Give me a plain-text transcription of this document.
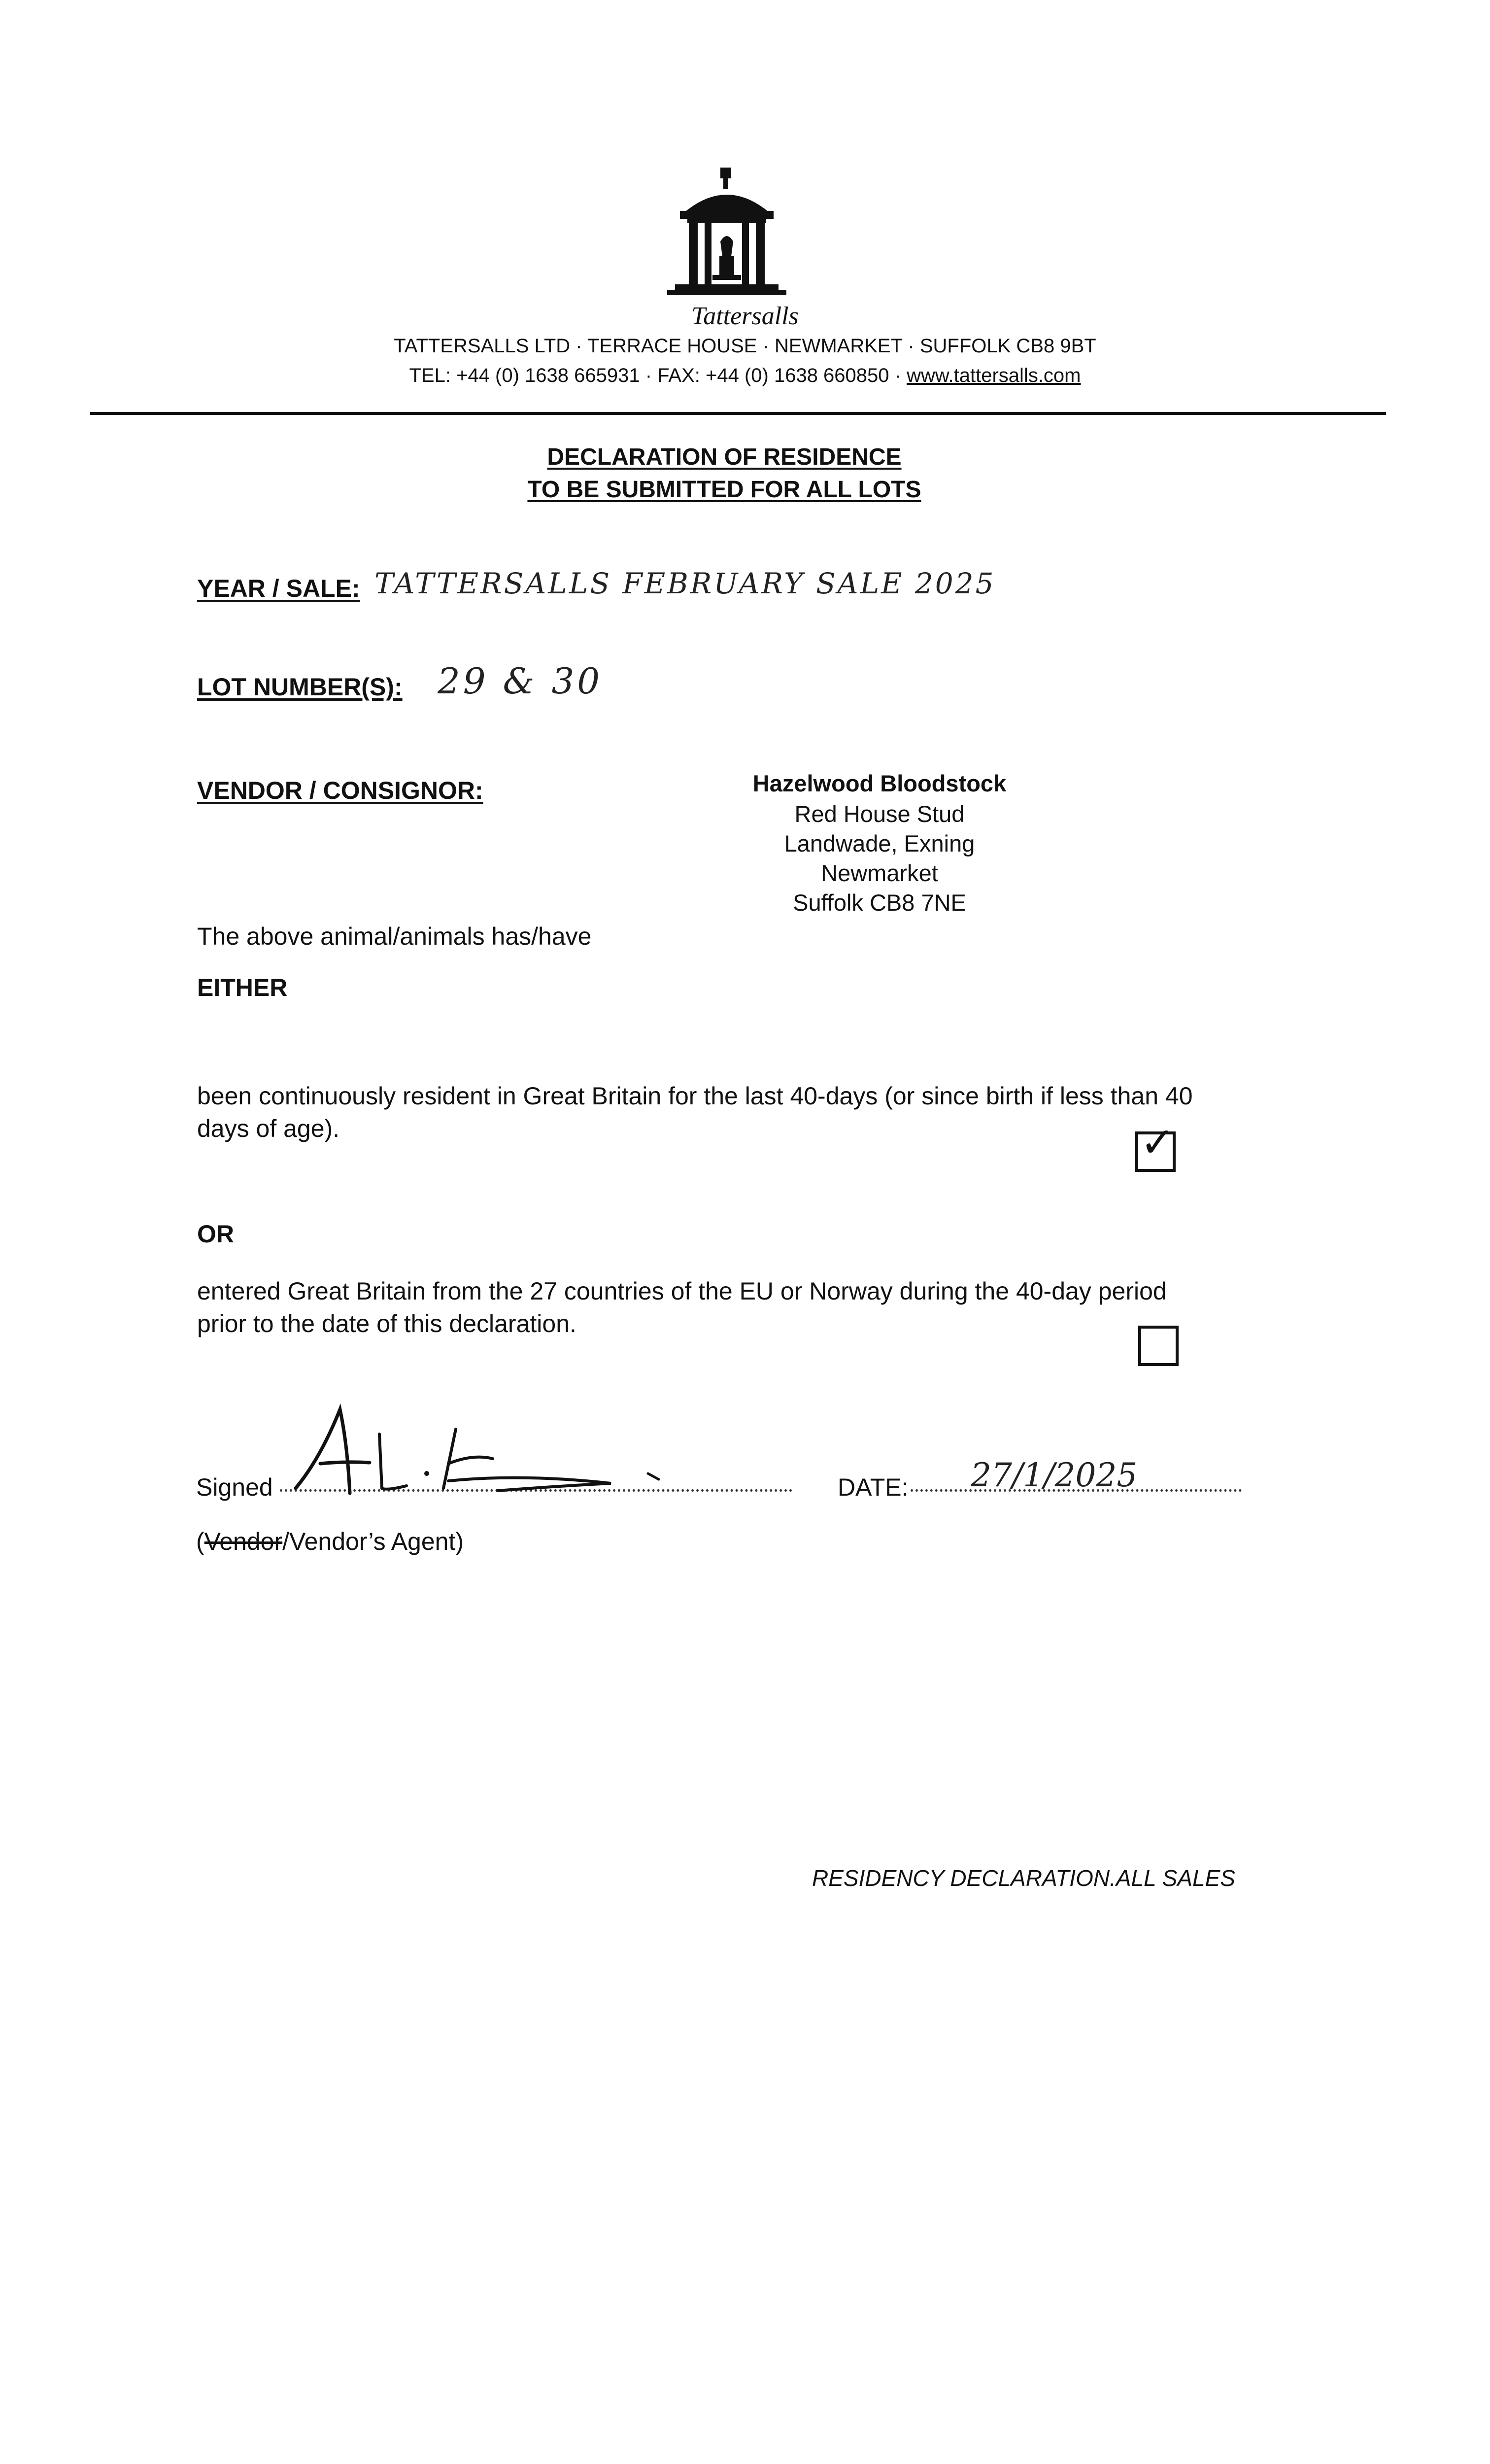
Tattersalls
TATTERSALLS LTD · TERRACE HOUSE · NEWMARKET · SUFFOLK CB8 9BT
TEL: +44 (0) 1638 665931 · FAX: +44 (0) 1638 660850 · www.tattersalls.com
DECLARATION OF RESIDENCE
TO BE SUBMITTED FOR ALL LOTS
YEAR / SALE: TATTERSALLS FEBRUARY SALE 2025
LOT NUMBER(S): 29 & 30
VENDOR / CONSIGNOR:	Hazelwood Bloodstock
Red House Stud
Landwade, Exning
Newmarket
Suffolk CB8 7NE
The above animal/animals has/have
EITHER
been continuously resident in Great Britain for the last 40-days (or since birth if less than 40
days of age).	✓
OR
entered Great Britain from the 27 countries of the EU or Norway during the 40-day period
prior to the date of this declaration.
Signed	DATE: 27/1/2025
(Vendor/Vendor’s Agent)
RESIDENCY DECLARATION.ALL SALES
